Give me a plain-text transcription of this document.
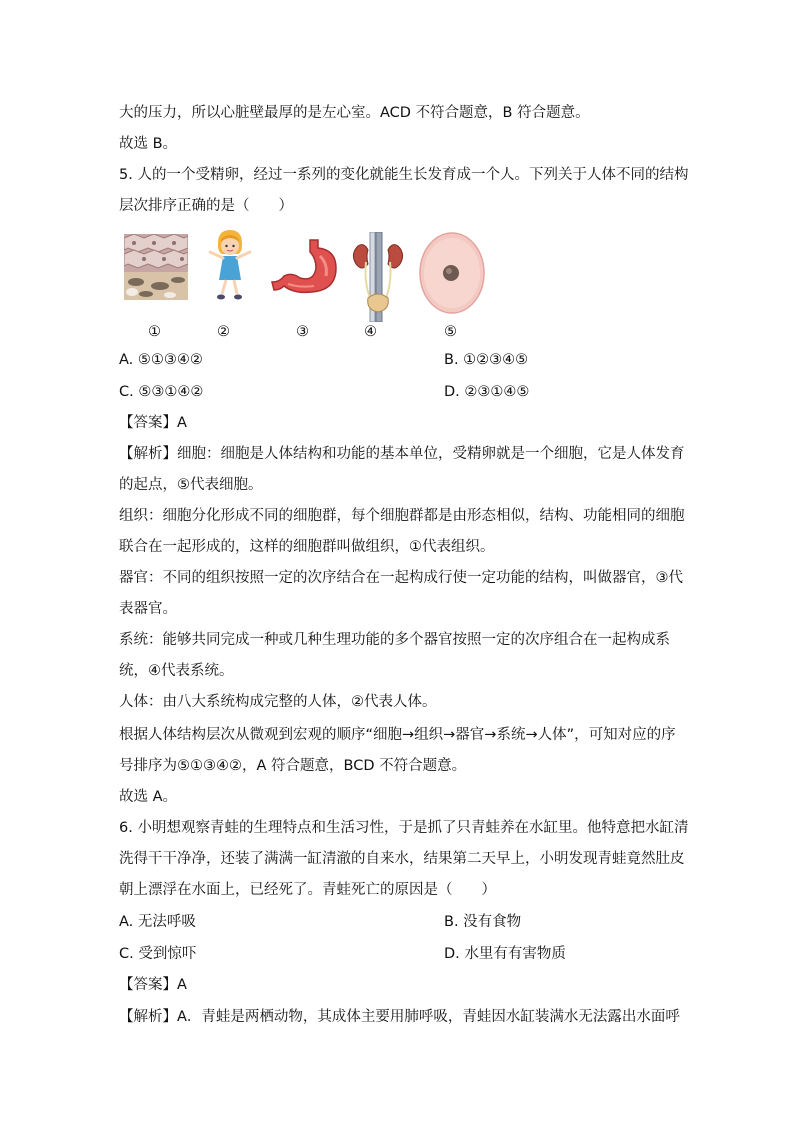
大的压力，所以心脏壁最厚的是左心室。ACD 不符合题意，B 符合题意。
故选 B。
5. 人的一个受精卵，经过一系列的变化就能生长发育成一个人。下列关于人体不同的结构
层次排序正确的是（　　）
①	②	③	④	⑤
A. ⑤①③④②	B. ①②③④⑤
C. ⑤③①④②	D. ②③①④⑤
【答案】A
【解析】细胞：细胞是人体结构和功能的基本单位，受精卵就是一个细胞，它是人体发育
的起点，⑤代表细胞。
组织：细胞分化形成不同的细胞群，每个细胞群都是由形态相似，结构、功能相同的细胞
联合在一起形成的，这样的细胞群叫做组织，①代表组织。
器官：不同的组织按照一定的次序结合在一起构成行使一定功能的结构，叫做器官，③代
表器官。
系统：能够共同完成一种或几种生理功能的多个器官按照一定的次序组合在一起构成系
统，④代表系统。
人体：由八大系统构成完整的人体，②代表人体。
根据人体结构层次从微观到宏观的顺序“细胞→组织→器官→系统→人体”，可知对应的序
号排序为⑤①③④②，A 符合题意，BCD 不符合题意。
故选 A。
6. 小明想观察青蛙的生理特点和生活习性，于是抓了只青蛙养在水缸里。他特意把水缸清
洗得干干净净，还装了满满一缸清澈的自来水，结果第二天早上，小明发现青蛙竟然肚皮
朝上漂浮在水面上，已经死了。青蛙死亡的原因是（　　）
A. 无法呼吸	B. 没有食物
C. 受到惊吓	D. 水里有有害物质
【答案】A
【解析】A．青蛙是两栖动物，其成体主要用肺呼吸，青蛙因水缸装满水无法露出水面呼
